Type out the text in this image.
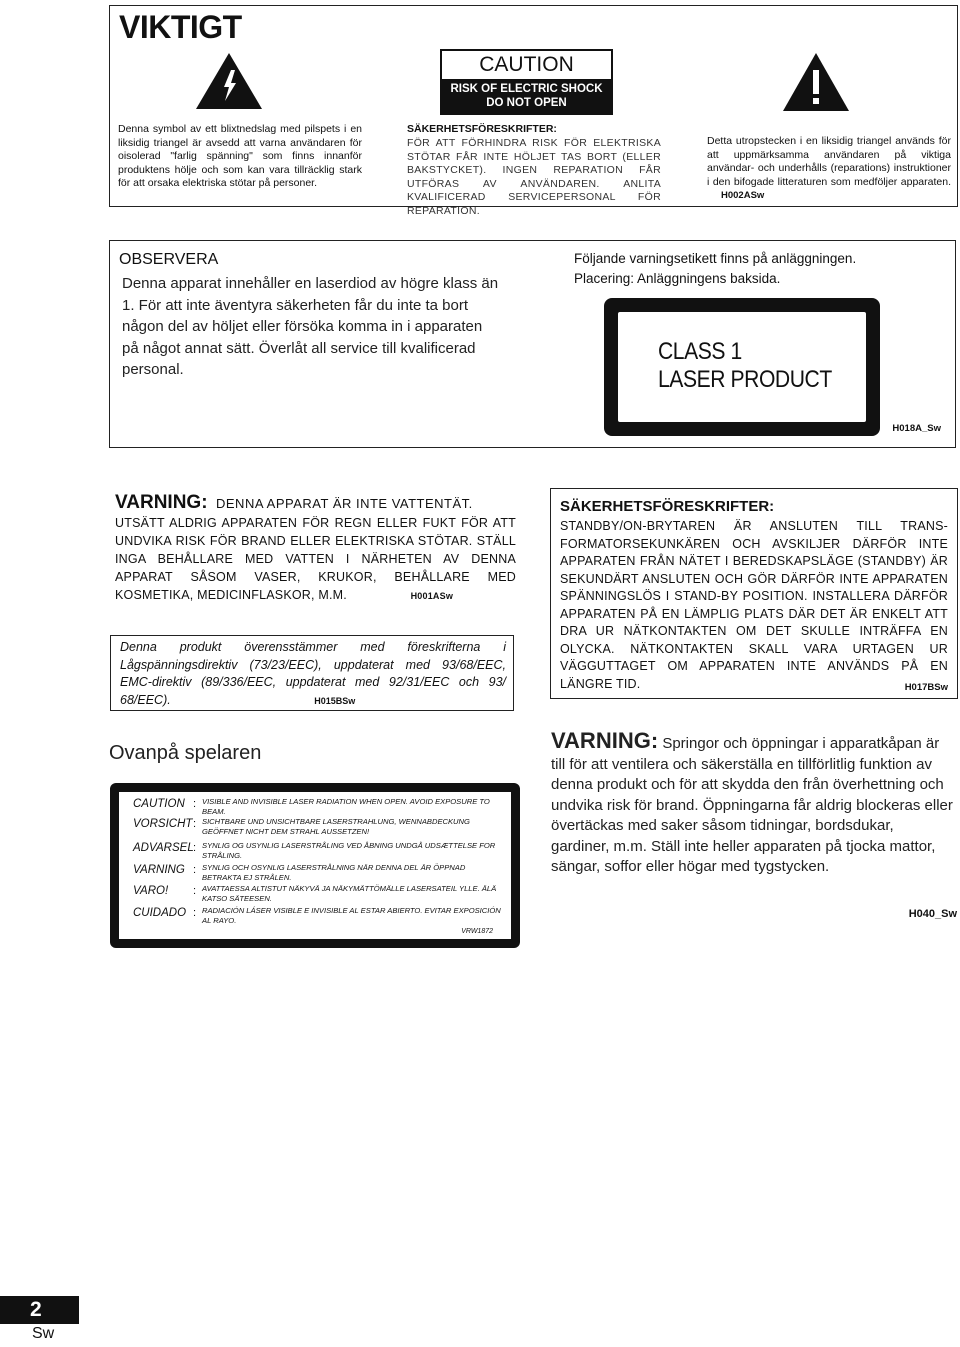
VIKTIGT
Denna symbol av ett blixtnedslag med pilspets i en liksidig triangel är avsedd att varna användaren för oisolerad "farlig spänning" som finns innanför produktens hölje och som kan vara tillräcklig stark för att orsaka elektriska stötar på personer.
CAUTION
RISK OF ELECTRIC SHOCK
DO NOT OPEN
SÄKERHETSFÖRESKRIFTER:
FÖR ATT FÖRHINDRA RISK FÖR ELEKTRISKA STÖTAR FÅR INTE HÖLJET TAS BORT (ELLER BAKSTYCKET). INGEN REPARATION FÅR UTFÖRAS AV ANVÄNDAREN. ANLITA KVALIFICERAD SERVICEPERSONAL FÖR REPARATION.
Detta utropstecken i en liksidig triangel används för att uppmärksamma användaren på viktiga användar- och underhålls (reparations) instruktioner i den bifogade litteraturen som medföljer apparaten. H002ASw
OBSERVERA
Denna apparat innehåller en laserdiod av högre klass än 1. För att inte äventyra säkerheten får du inte ta bort någon del av höljet eller försöka komma in i apparaten på något annat sätt. Överlåt all service till kvalificerad personal.
Följande varningsetikett finns på anläggningen.
Placering: Anläggningens baksida.
CLASS 1
LASER PRODUCT
H018A_Sw
VARNING: DENNA APPARAT ÄR INTE VATTENTÄT.
UTSÄTT ALDRIG APPARATEN FÖR REGN ELLER FUKT FÖR ATT UNDVIKA RISK FÖR BRAND ELLER ELEKTRISKA STÖTAR. STÄLL INGA BEHÅLLARE MED VATTEN I NÄRHETEN AV DENNA APPARAT SÅSOM VASER, KRUKOR, BEHÅLLARE MED KOSMETIKA, MEDICINFLASKOR, M.M.	H001ASw
Denna produkt överensstämmer med föreskrifterna i Lågspänningsdirektiv (73/23/EEC), uppdaterat med 93/68/EEC, EMC-direktiv (89/336/EEC, uppdaterat med 92/31/EEC och 93/ 68/EEC).	H015BSw
SÄKERHETSFÖRESKRIFTER:
STANDBY/ON-BRYTAREN ÄR ANSLUTEN TILL TRANS-FORMATORSEKUNKÄREN OCH AVSKILJER DÄRFÖR INTE APPARATEN FRÅN NÄTET I BEREDSKAPSLÄGE (STANDBY) ÄR SEKUNDÄRT ANSLUTEN OCH GÖR DÄRFÖR INTE APPARATEN SPÄNNINGSLÖS I STAND-BY POSITION. INSTALLERA DÄRFÖR APPARATEN PÅ EN LÄMPLIG PLATS DÄR DET ÄR ENKELT ATT DRA UR NÄTKONTAKTEN OM DET SKULLE INTRÄFFA EN OLYCKA. NÄTKONTAKTEN SKALL VARA URTAGEN UR VÄGGUTTAGET OM APPARATEN INTE ANVÄNDS PÅ EN LÄNGRE TID.	H017BSw
Ovanpå spelaren
CAUTION : VISIBLE AND INVISIBLE LASER RADIATION WHEN OPEN. AVOID EXPOSURE TO BEAM.
VORSICHT : SICHTBARE UND UNSICHTBARE LASERSTRAHLUNG, WENNABDECKUNG GEÖFFNET NICHT DEM STRAHL AUSSETZEN!
ADVARSEL : SYNLIG OG USYNLIG LASERSTRÅLING VED ÅBNING UNDGÅ UDSÆTTELSE FOR STRÅLING.
VARNING : SYNLIG OCH OSYNLIG LASERSTRÅLNING NÄR DENNA DEL ÄR ÖPPNAD BETRAKTA EJ STRÅLEN.
VARO! : AVATTAESSA ALTISTUT NÄKYVÄ JA NÄKYMÄTTÖMÄLLE LASERSATEIL YLLE. ÄLÄ KATSO SÄTEESEN.
CUIDADO : RADIACIÓN LÁSER VISIBLE E INVISIBLE AL ESTAR ABIERTO. EVITAR EXPOSICIÓN AL RAYO.
VRW1872
VARNING: Springor och öppningar i apparatkåpan är till för att ventilera och säkerställa en tillförlitlig funktion av denna produkt och för att skydda den från överhettning och undvika risk för brand. Öppningarna får aldrig blockeras eller övertäckas med saker såsom tidningar, bordsdukar, gardiner, m.m. Ställ inte heller apparaten på tjocka mattor, sängar, soffor eller högar med tygstycken.
H040_Sw
2
Sw
